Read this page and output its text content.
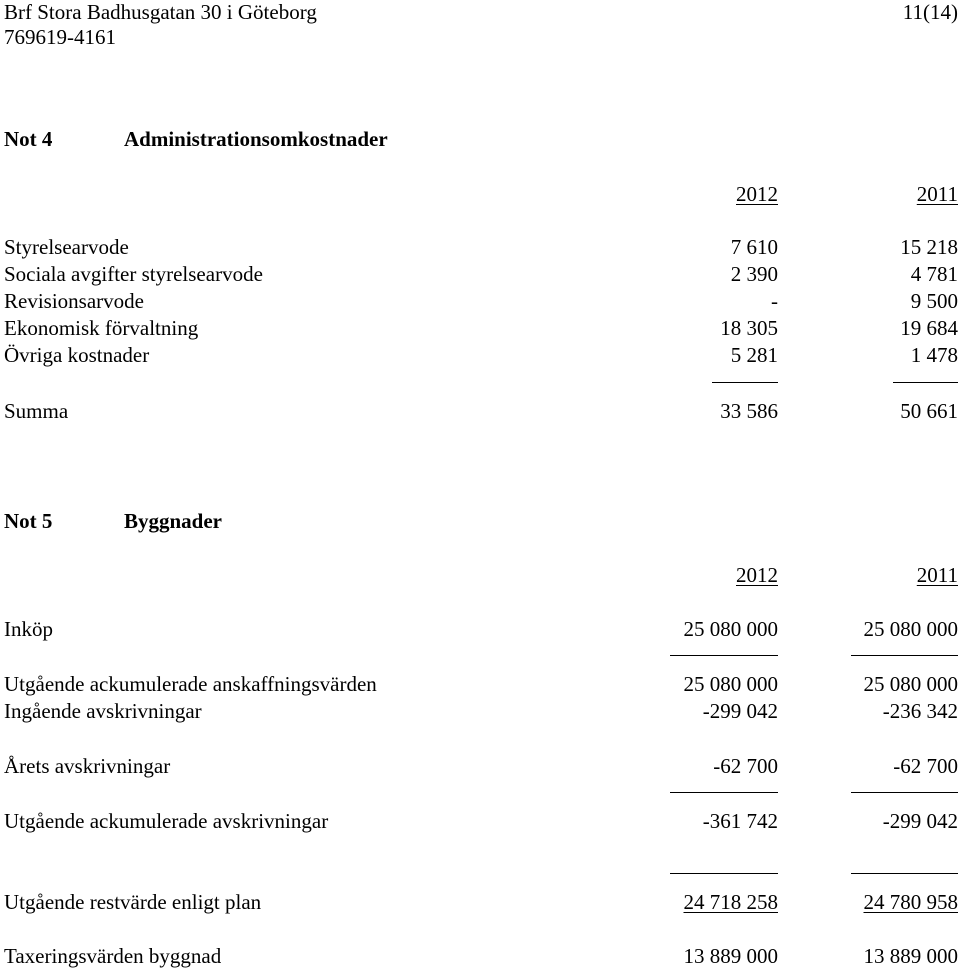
Brf Stora Badhusgatan 30 i Göteborg
769619-4161
11(14)
Not 4	Administrationsomkostnader
2012	2011
Styrelsearvode	7 610	15 218
Sociala avgifter styrelsearvode	2 390	4 781
Revisionsarvode	-	9 500
Ekonomisk förvaltning	18 305	19 684
Övriga kostnader	5 281	1 478
Summa	33 586	50 661
Not 5	Byggnader
2012	2011
Inköp	25 080 000	25 080 000
Utgående ackumulerade anskaffningsvärden	25 080 000	25 080 000
Ingående avskrivningar	-299 042	-236 342
Årets avskrivningar	-62 700	-62 700
Utgående ackumulerade avskrivningar	-361 742	-299 042
Utgående restvärde enligt plan	24 718 258	24 780 958
Taxeringsvärden byggnad	13 889 000	13 889 000
